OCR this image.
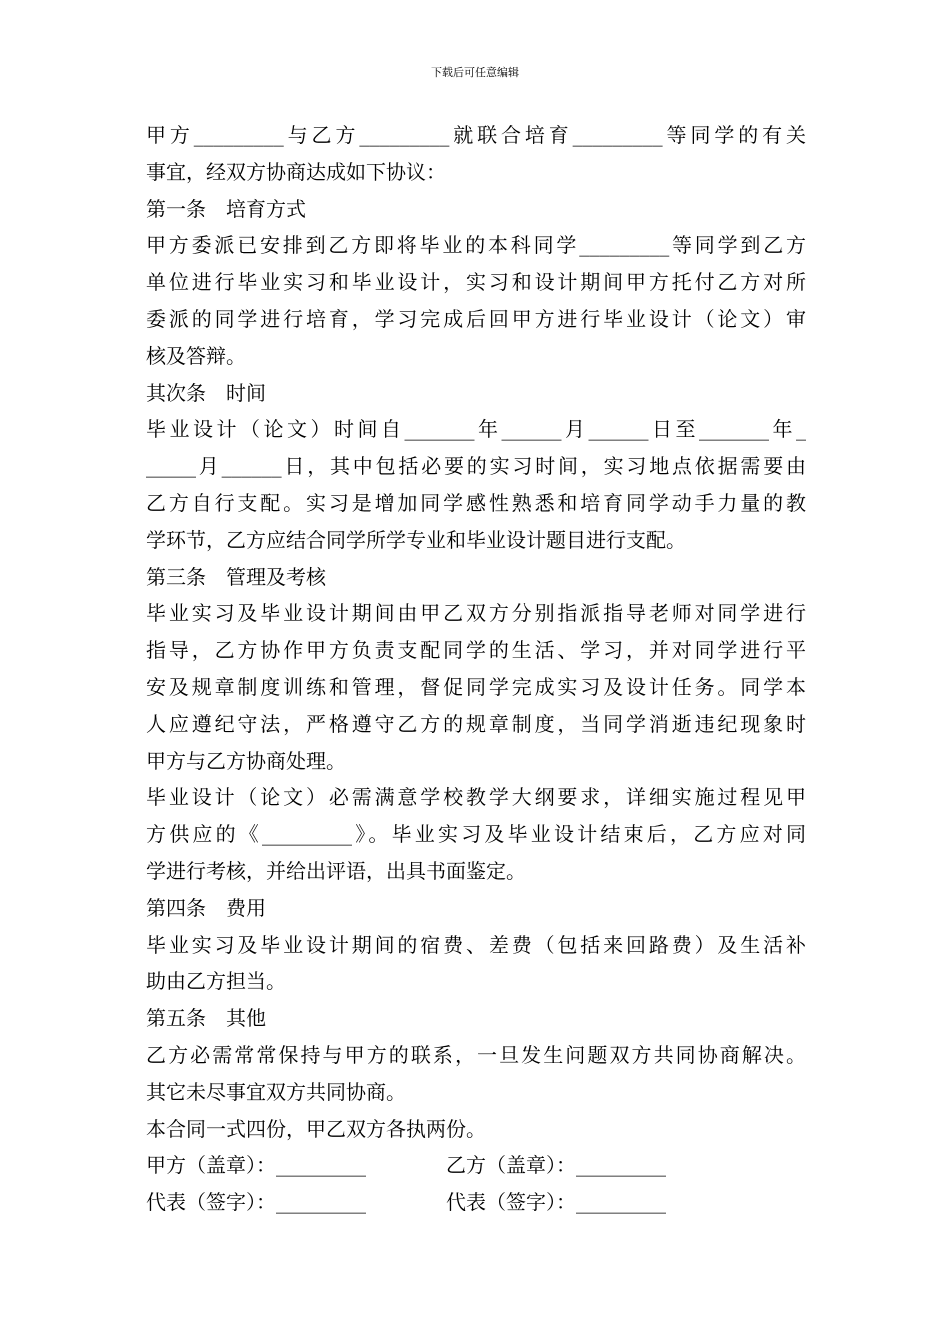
下载后可任意编辑
甲方_________与乙方_________就联合培育_________等同学的有关
事宜，经双方协商达成如下协议：
第一条　培育方式
甲方委派已安排到乙方即将毕业的本科同学_________等同学到乙方
单位进行毕业实习和毕业设计，实习和设计期间甲方托付乙方对所
委派的同学进行培育，学习完成后回甲方进行毕业设计（论文）审
核及答辩。
其次条　时间
毕业设计（论文）时间自_______年______月______日至_______年_
_____月______日，其中包括必要的实习时间，实习地点依据需要由
乙方自行支配。实习是增加同学感性熟悉和培育同学动手力量的教
学环节，乙方应结合同学所学专业和毕业设计题目进行支配。
第三条　管理及考核
毕业实习及毕业设计期间由甲乙双方分别指派指导老师对同学进行
指导，乙方协作甲方负责支配同学的生活、学习，并对同学进行平
安及规章制度训练和管理，督促同学完成实习及设计任务。同学本
人应遵纪守法，严格遵守乙方的规章制度，当同学消逝违纪现象时
甲方与乙方协商处理。
毕业设计（论文）必需满意学校教学大纲要求，详细实施过程见甲
方供应的《_________》。毕业实习及毕业设计结束后，乙方应对同
学进行考核，并给出评语，出具书面鉴定。
第四条　费用
毕业实习及毕业设计期间的宿费、差费（包括来回路费）及生活补
助由乙方担当。
第五条　其他
乙方必需常常保持与甲方的联系，一旦发生问题双方共同协商解决。
其它未尽事宜双方共同协商。
本合同一式四份，甲乙双方各执两份。
甲方（盖章）：_________	乙方（盖章）：_________
代表（签字）：_________	代表（签字）：_________
